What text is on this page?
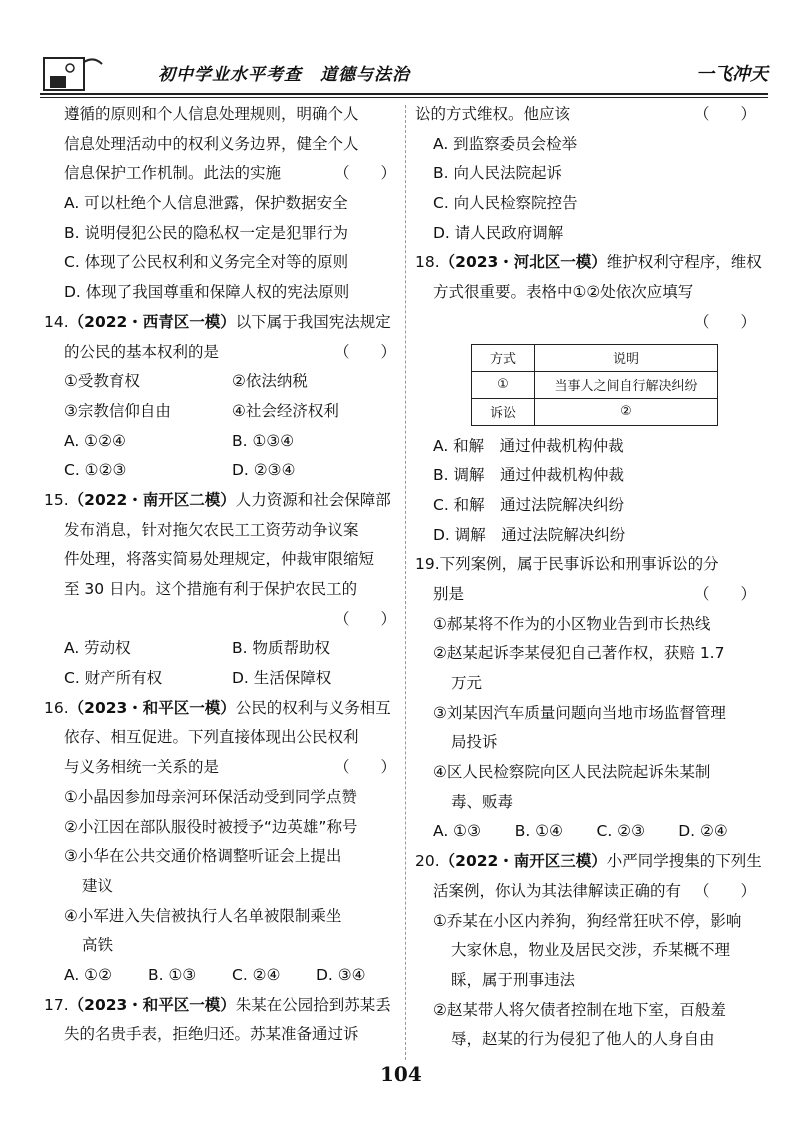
初中学业水平考查　道德与法治	一飞冲天
遵循的原则和个人信息处理规则，明确个人
信息处理活动中的权利义务边界，健全个人
信息保护工作机制。此法的实施	（　　）
A. 可以杜绝个人信息泄露，保护数据安全
B. 说明侵犯公民的隐私权一定是犯罪行为
C. 体现了公民权利和义务完全对等的原则
D. 体现了我国尊重和保障人权的宪法原则
14.（2022・西青区一模）以下属于我国宪法规定
的公民的基本权利的是	（　　）
①受教育权	②依法纳税
③宗教信仰自由	④社会经济权利
A. ①②④	B. ①③④
C. ①②③	D. ②③④
15.（2022・南开区二模）人力资源和社会保障部
发布消息，针对拖欠农民工工资劳动争议案
件处理，将落实简易处理规定，仲裁审限缩短
至 30 日内。这个措施有利于保护农民工的
（　　）
A. 劳动权	B. 物质帮助权
C. 财产所有权	D. 生活保障权
16.（2023・和平区一模）公民的权利与义务相互
依存、相互促进。下列直接体现出公民权利
与义务相统一关系的是	（　　）
①小晶因参加母亲河环保活动受到同学点赞
②小江因在部队服役时被授予“边英雄”称号
③小华在公共交通价格调整听证会上提出
建议
④小军进入失信被执行人名单被限制乘坐
高铁
A. ①②	B. ①③	C. ②④	D. ③④
17.（2023・和平区一模）朱某在公园拾到苏某丢
失的名贵手表，拒绝归还。苏某准备通过诉
讼的方式维权。他应该	（　　）
A. 到监察委员会检举
B. 向人民法院起诉
C. 向人民检察院控告
D. 请人民政府调解
18.（2023・河北区一模）维护权利守程序，维权
方式很重要。表格中①②处依次应填写
（　　）
方式	说明
①	当事人之间自行解决纠纷
诉讼	②
A. 和解　通过仲裁机构仲裁
B. 调解　通过仲裁机构仲裁
C. 和解　通过法院解决纠纷
D. 调解　通过法院解决纠纷
19.下列案例，属于民事诉讼和刑事诉讼的分
别是	（　　）
①郝某将不作为的小区物业告到市长热线
②赵某起诉李某侵犯自己著作权，获赔 1.7
万元
③刘某因汽车质量问题向当地市场监督管理
局投诉
④区人民检察院向区人民法院起诉朱某制
毒、贩毒
A. ①③	B. ①④	C. ②③	D. ②④
20.（2022・南开区三模）小严同学搜集的下列生
活案例，你认为其法律解读正确的有 （　　）
①乔某在小区内养狗，狗经常狂吠不停，影响
大家休息，物业及居民交涉，乔某概不理
睬，属于刑事违法
②赵某带人将欠债者控制在地下室，百般羞
辱，赵某的行为侵犯了他人的人身自由
104
